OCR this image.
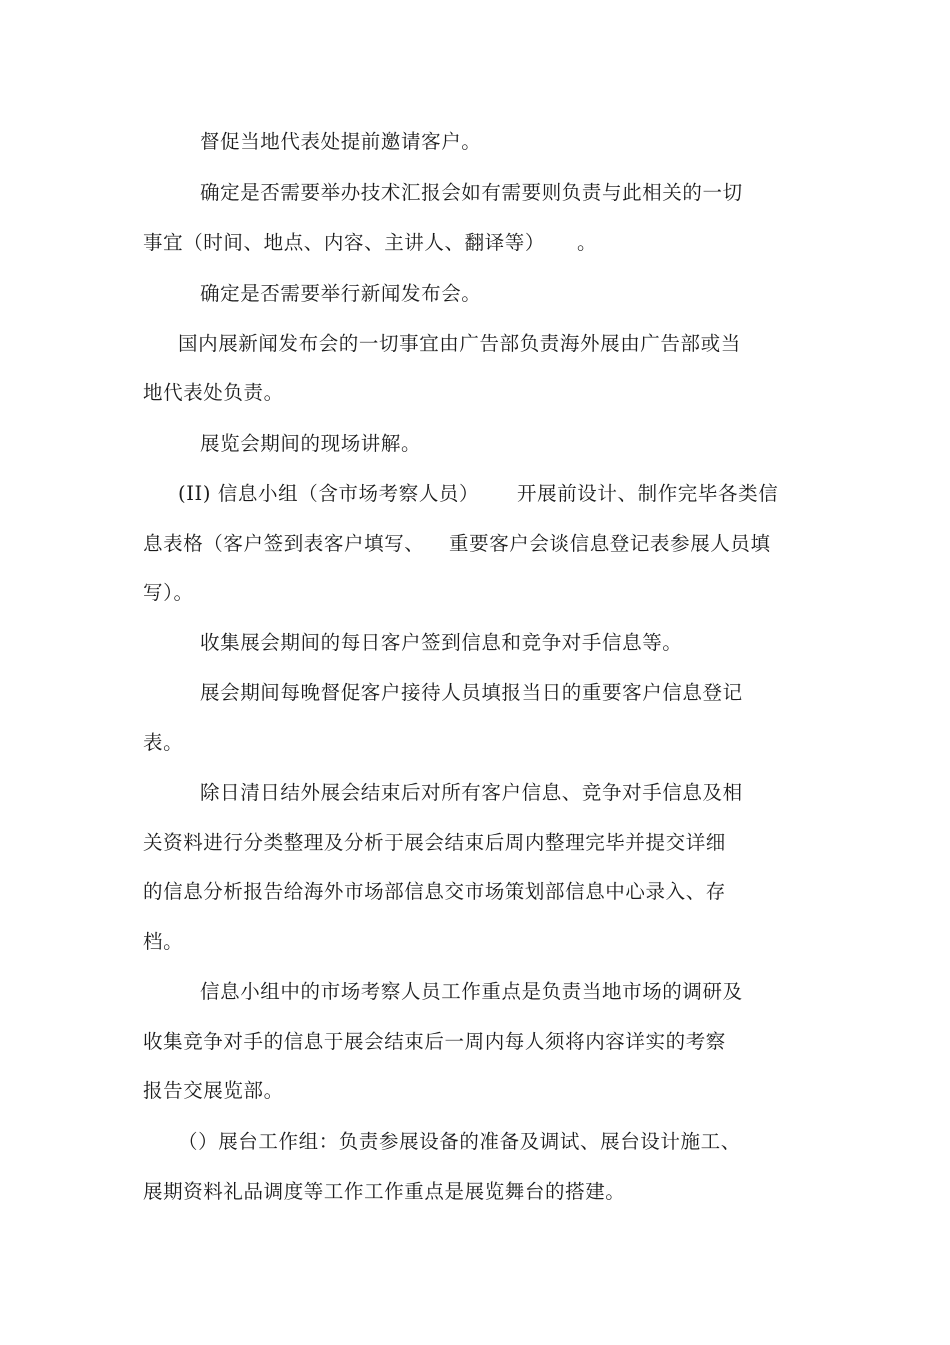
督促当地代表处提前邀请客户。
确定是否需要举办技术汇报会如有需要则负责与此相关的一切
事宜（时间、地点、内容、主讲人、翻译等） 。
确定是否需要举行新闻发布会。
国内展新闻发布会的一切事宜由广告部负责海外展由广告部或当
地代表处负责。
展览会期间的现场讲解。
(II) 信息小组（含市场考察人员） 开展前设计、制作完毕各类信
息表格（客户签到表客户填写、 重要客户会谈信息登记表参展人员填
写）。
收集展会期间的每日客户签到信息和竞争对手信息等。
展会期间每晚督促客户接待人员填报当日的重要客户信息登记
表。
除日清日结外展会结束后对所有客户信息、竞争对手信息及相
关资料进行分类整理及分析于展会结束后周内整理完毕并提交详细
的信息分析报告给海外市场部信息交市场策划部信息中心录入、存
档。
信息小组中的市场考察人员工作重点是负责当地市场的调研及
收集竞争对手的信息于展会结束后一周内每人须将内容详实的考察
报告交展览部。
（）展台工作组：负责参展设备的准备及调试、展台设计施工、
展期资料礼品调度等工作工作重点是展览舞台的搭建。
